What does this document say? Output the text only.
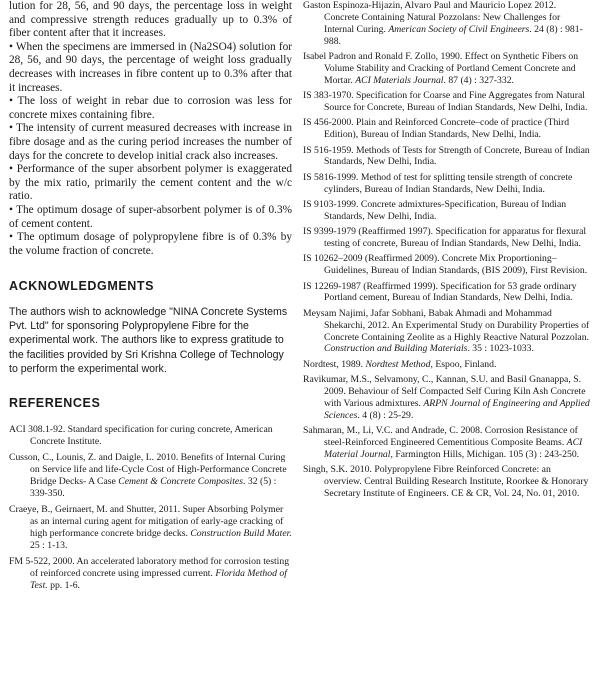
lution for 28, 56, and 90 days, the percentage loss in weight and compressive strength reduces gradually up to 0.3% of fiber content after that it increases.

• When the specimens are immersed in (Na2SO4) solution for 28, 56, and 90 days, the percentage of weight loss gradually decreases with increases in fibre content up to 0.3% after that it increases.

• The loss of weight in rebar due to corrosion was less for concrete mixes containing fibre.

• The intensity of current measured decreases with increase in fibre dosage and as the curing period increases the number of days for the concrete to develop initial crack also increases.

• Performance of the super absorbent polymer is exaggerated by the mix ratio, primarily the cement content and the w/c ratio.

• The optimum dosage of super-absorbent polymer is of 0.3% of cement content.

• The optimum dosage of polypropylene fibre is of 0.3% by the volume fraction of concrete.

ACKNOWLEDGMENTS

The authors wish to acknowledge "NINA Concrete Systems Pvt. Ltd" for sponsoring Polypropylene Fibre for the experimental work. The authors like to express gratitude to the facilities provided by Sri Krishna College of Technology to perform the experimental work.

REFERENCES
ACI 308.1-92. Standard specification for curing concrete, American Concrete Institute.
Cusson, C., Lounis, Z. and Daigle, L. 2010. Benefits of Internal Curing on Service life and life-Cycle Cost of High-Performance Concrete Bridge Decks- A Case Cement & Concrete Composites. 32 (5) : 339-350.
Craeye, B., Geirnaert, M. and Shutter, 2011. Super Absorbing Polymer as an internal curing agent for mitigation of early-age cracking of high performance concrete bridge decks. Construction Build Mater. 25 : 1-13.
FM 5-522, 2000. An accelerated laboratory method for corrosion testing of reinforced concrete using impressed current. Florida Method of Test. pp. 1-6.
Gaston Espinoza-Hijazin, Alvaro Paul and Mauricio Lopez 2012. Concrete Containing Natural Pozzolans: New Challenges for Internal Curing. American Society of Civil Engineers. 24 (8) : 981-988.
Isabel Padron and Ronald F. Zollo, 1990. Effect on Synthetic Fibers on Volume Stability and Cracking of Portland Cement Concrete and Mortar. ACI Materials Journal. 87 (4) : 327-332.
IS 383-1970. Specification for Coarse and Fine Aggregates from Natural Source for Concrete, Bureau of Indian Standards, New Delhi, India.
IS 456-2000. Plain and Reinforced Concrete–code of practice (Third Edition), Bureau of Indian Standards, New Delhi, India.
IS 516-1959. Methods of Tests for Strength of Concrete, Bureau of Indian Standards, New Delhi, India.
IS 5816-1999. Method of test for splitting tensile strength of concrete cylinders, Bureau of Indian Standards, New Delhi, India.
IS 9103-1999. Concrete admixtures-Specification, Bureau of Indian Standards, New Delhi, India.
IS 9399-1979 (Reaffirmed 1997). Specification for apparatus for flexural testing of concrete, Bureau of Indian Standards, New Delhi, India.
IS 10262–2009 (Reaffirmed 2009). Concrete Mix Proportioning–Guidelines, Bureau of Indian Standards, (BIS 2009), First Revision.
IS 12269-1987 (Reaffirmed 1999). Specification for 53 grade ordinary Portland cement, Bureau of Indian Standards, New Delhi, India.
Meysam Najimi, Jafar Sobhani, Babak Ahmadi and Mohammad Shekarchi, 2012. An Experimental Study on Durability Properties of Concrete Containing Zeolite as a Highly Reactive Natural Pozzolan. Construction and Building Materials. 35 : 1023-1033.
Nordtest, 1989. Nordtest Method, Espoo, Finland.
Ravikumar, M.S., Selvamony, C., Kannan, S.U. and Basil Gnanappa, S. 2009. Behaviour of Self Compacted Self Curing Kiln Ash Concrete with Various admixtures. ARPN Journal of Engineering and Applied Sciences. 4 (8) : 25-29.
Sahmaran, M., Li, V.C. and Andrade, C. 2008. Corrosion Resistance of steel-Reinforced Engineered Cementitious Composite Beams. ACI Material Journal, Farmington Hills, Michigan. 105 (3) : 243-250.
Singh, S.K. 2010. Polypropylene Fibre Reinforced Concrete: an overview. Central Building Research Institute, Roorkee & Honorary Secretary Institute of Engineers. CE & CR, Vol. 24, No. 01, 2010.
